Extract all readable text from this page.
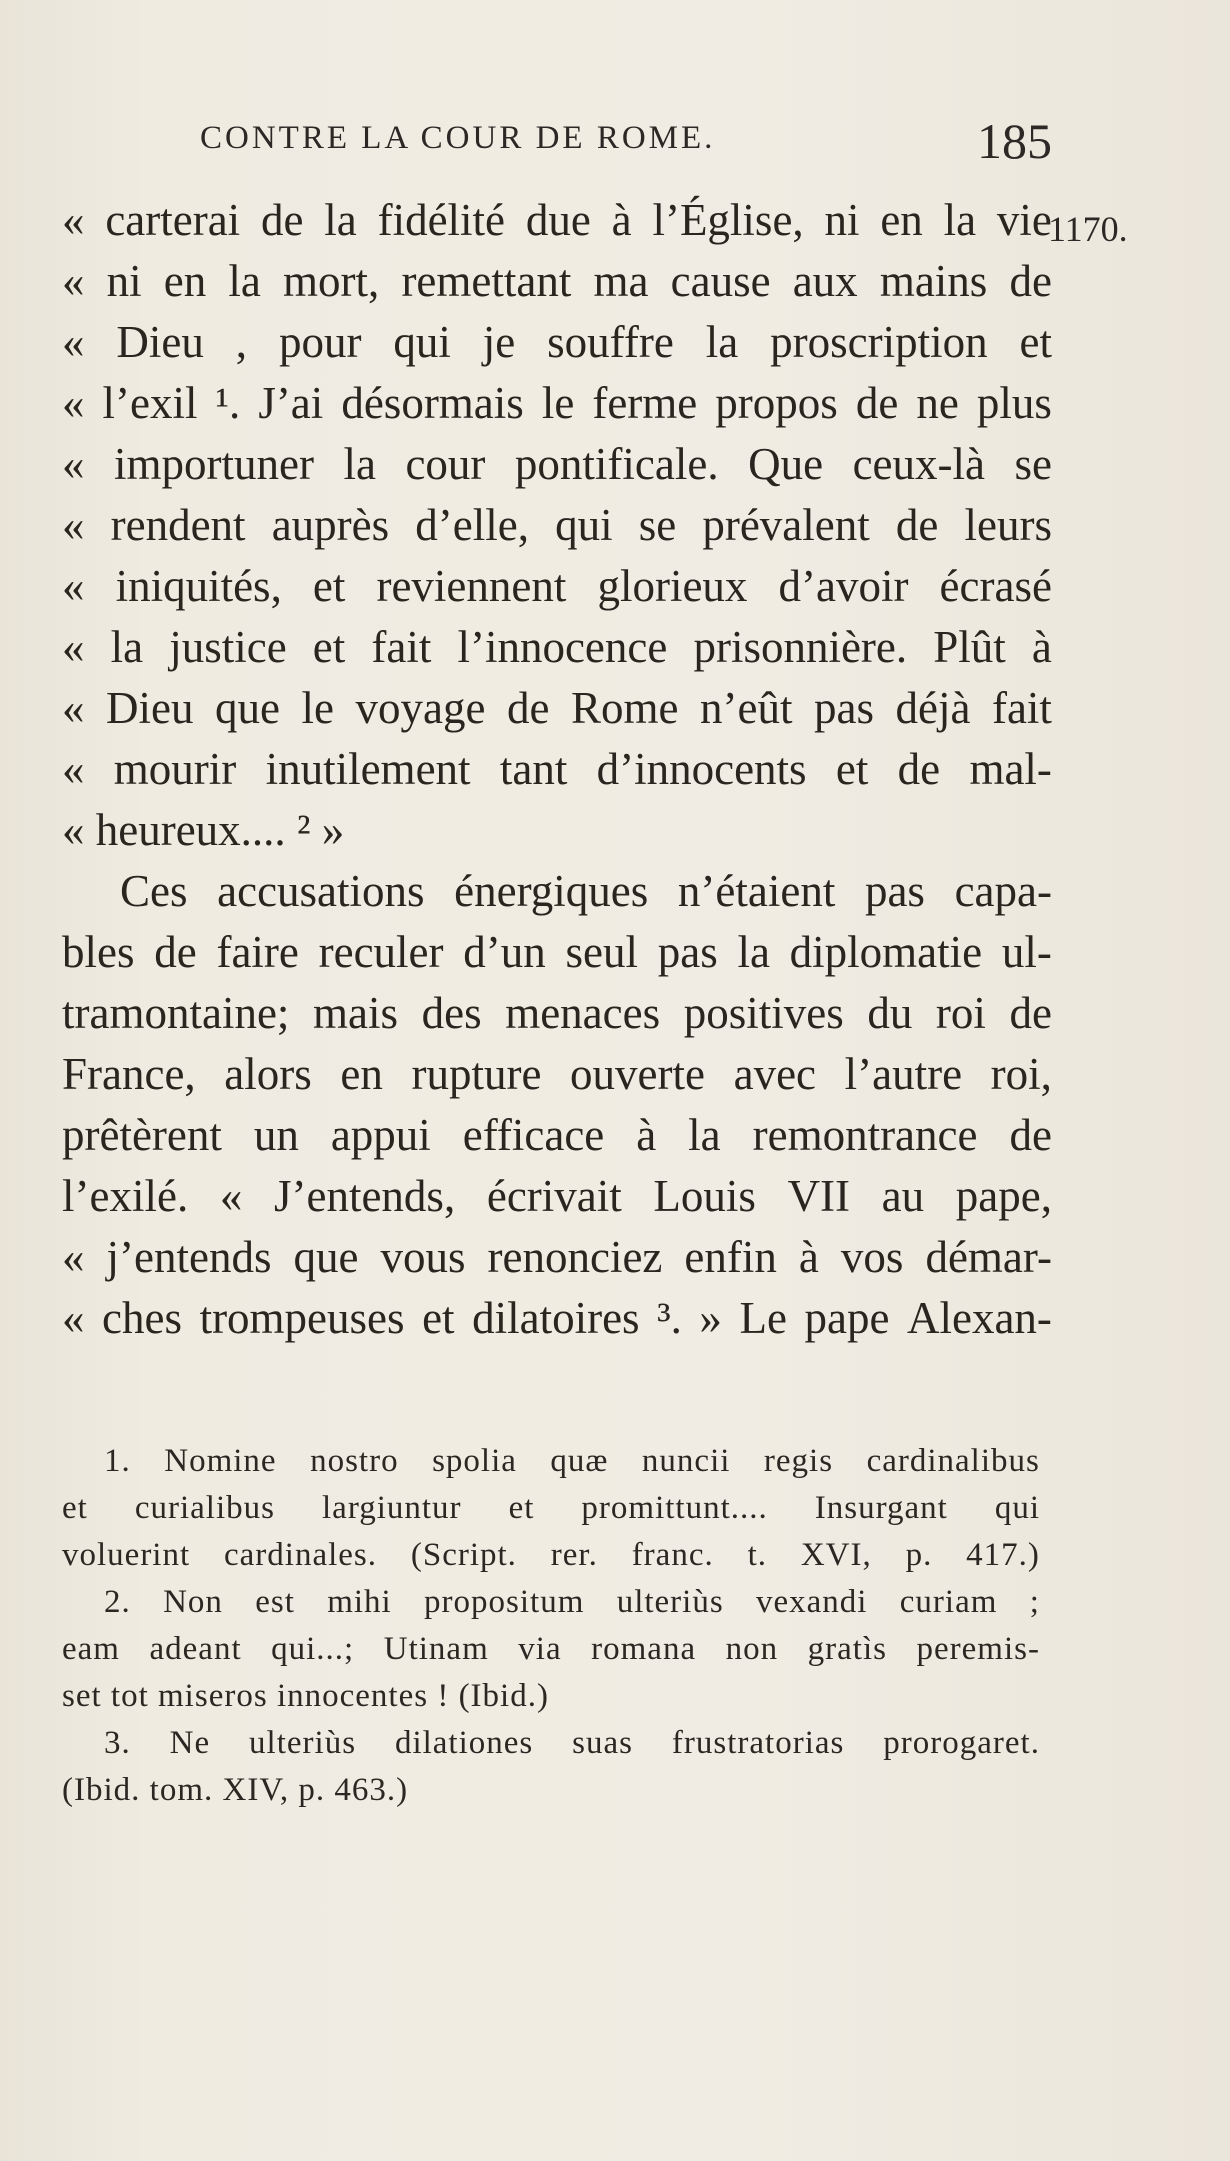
CONTRE LA COUR DE ROME.	185
1170.
« carterai de la fidélité due à l’Église, ni en la vie
« ni en la mort, remettant ma cause aux mains de
« Dieu , pour qui je souffre la proscription et
« l’exil ¹. J’ai désormais le ferme propos de ne plus
« importuner la cour pontificale. Que ceux-là se
« rendent auprès d’elle, qui se prévalent de leurs
« iniquités, et reviennent glorieux d’avoir écrasé
« la justice et fait l’innocence prisonnière. Plût à
« Dieu que le voyage de Rome n’eût pas déjà fait
« mourir inutilement tant d’innocents et de mal-
«
heureux....
²
»
Ces
accusations
énergiques
n’étaient
pas
capa-
bles de faire reculer d’un seul pas la diplomatie ul-
tramontaine; mais des menaces positives du roi de
France, alors en rupture ouverte avec l’autre roi,
prêtèrent un appui efficace à la remontrance de
l’exilé. « J’entends, écrivait Louis VII au pape,
« j’entends que vous renonciez enfin à vos démar-
« ches trompeuses et dilatoires ³. » Le pape Alexan-
1.
Nomine
nostro
spolia
quæ
nuncii
regis
cardinalibus
et curialibus largiuntur et promittunt.... Insurgant qui
voluerint cardinales. (Script. rer. franc. t. XVI, p. 417.)
2.
Non
est
mihi
propositum
ulteriùs
vexandi
curiam
;
eam adeant qui...; Utinam via romana non gratìs peremis-
set
tot
miseros
innocentes
!
(Ibid.)
3.
Ne
ulteriùs
dilationes
suas
frustratorias
prorogaret.
(Ibid.
tom.
XIV,
p.
463.)
